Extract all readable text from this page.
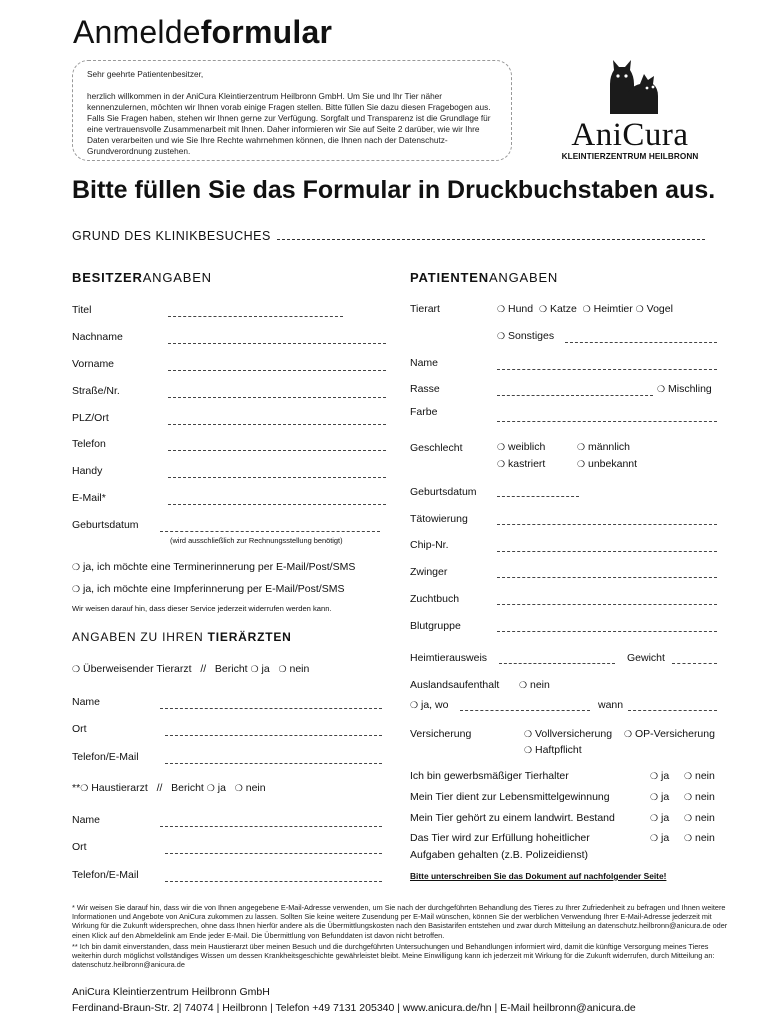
Anmeldeformular

Sehr geehrte Patientenbesitzer,

herzlich willkommen in der AniCura Kleintierzentrum Heilbronn GmbH. Um Sie und Ihr Tier näher kennenzulernen, möchten wir Ihnen vorab einige Fragen stellen. Bitte füllen Sie dazu diesen Fragebogen aus. Falls Sie Fragen haben, stehen wir Ihnen gerne zur Verfügung. Sorgfalt und Transparenz ist die Grundlage für eine vertrauensvolle Zusammenarbeit mit Ihnen. Daher informieren wir Sie auf Seite 2 darüber, wie wir Ihre Daten verarbeiten und wie Sie Ihre Rechte wahrnehmen können, die Ihnen nach der Datenschutz-Grundverordnung zustehen.	AniCura
KLEINTIERZENTRUM HEILBRONN
Bitte füllen Sie das Formular in Druckbuchstaben aus.
GRUND DES KLINIKBESUCHES
BESITZERANGABEN
Titel
Nachname
Vorname
Straße/Nr.
PLZ/Ort
Telefon
Handy
E-Mail*
Geburtsdatum
(wird ausschließlich zur Rechnungsstellung benötigt)
❍ ja, ich möchte eine Terminerinnerung per E-Mail/Post/SMS
❍ ja, ich möchte eine Impferinnerung per E-Mail/Post/SMS
Wir weisen darauf hin, dass dieser Service jederzeit widerrufen werden kann.
ANGABEN ZU IHREN TIERÄRZTEN
❍ Überweisender Tierarzt // Bericht ❍ ja ❍ nein
Name
Ort
Telefon/E-Mail
**❍ Haustierarzt // Bericht ❍ ja ❍ nein
Name
Ort
Telefon/E-Mail
PATIENTENANGABEN
Tierart	❍ Hund ❍ Katze ❍ Heimtier ❍ Vogel
❍ Sonstiges
Name
Rasse	❍ Mischling
Farbe
Geschlecht	❍ weiblich	❍ männlich
❍ kastriert	❍ unbekannt
Geburtsdatum
Tätowierung
Chip-Nr.
Zwinger
Zuchtbuch
Blutgruppe
Heimtierausweis	Gewicht
Auslandsaufenthalt ❍ nein
❍ ja, wo	wann
Versicherung	❍ Vollversicherung ❍ OP-Versicherung
❍ Haftpflicht
Ich bin gewerbsmäßiger Tierhalter	❍ ja ❍ nein
Mein Tier dient zur Lebensmittelgewinnung	❍ ja ❍ nein
Mein Tier gehört zu einem landwirt. Bestand	❍ ja ❍ nein
Das Tier wird zur Erfüllung hoheitlicher
Aufgaben gehalten (z.B. Polizeidienst)
❍ ja ❍ nein
Bitte unterschreiben Sie das Dokument auf nachfolgender Seite!

* Wir weisen Sie darauf hin, dass wir die von Ihnen angegebene E-Mail-Adresse verwenden, um Sie nach der durchgeführten Behandlung des Tieres zu Ihrer Zufriedenheit zu befragen und Ihnen weitere Informationen und Angebote von AniCura zukommen zu lassen. Sollten Sie keine weitere Zusendung per E-Mail wünschen, können Sie der werblichen Verwendung Ihrer E-Mail-Adresse jederzeit mit Wirkung für die Zukunft widersprechen, ohne dass Ihnen hierfür andere als die Übermittlungskosten nach den Basistarifen entstehen und zwar durch Mitteilung an datenschutz.heilbronn@anicura.de oder einen Klick auf den Abmeldelink am Ende jeder E-Mail. Die Übermittlung von Befunddaten ist davon nicht betroffen.

** Ich bin damit einverstanden, dass mein Haustierarzt über meinen Besuch und die durchgeführten Untersuchungen und Behandlungen informiert wird, damit die künftige Versorgung meines Tieres weiterhin durch möglichst vollständiges Wissen um dessen Krankheitsgeschichte gewährleistet bleibt. Meine Einwilligung kann ich jederzeit mit Wirkung für die Zukunft widerrufen, durch Mitteilung an: datenschutz.heilbronn@anicura.de

AniCura Kleintierzentrum Heilbronn GmbH
Ferdinand-Braun-Str. 2| 74074 | Heilbronn | Telefon +49 7131 205340 | www.anicura.de/hn | E-Mail heilbronn@anicura.de
